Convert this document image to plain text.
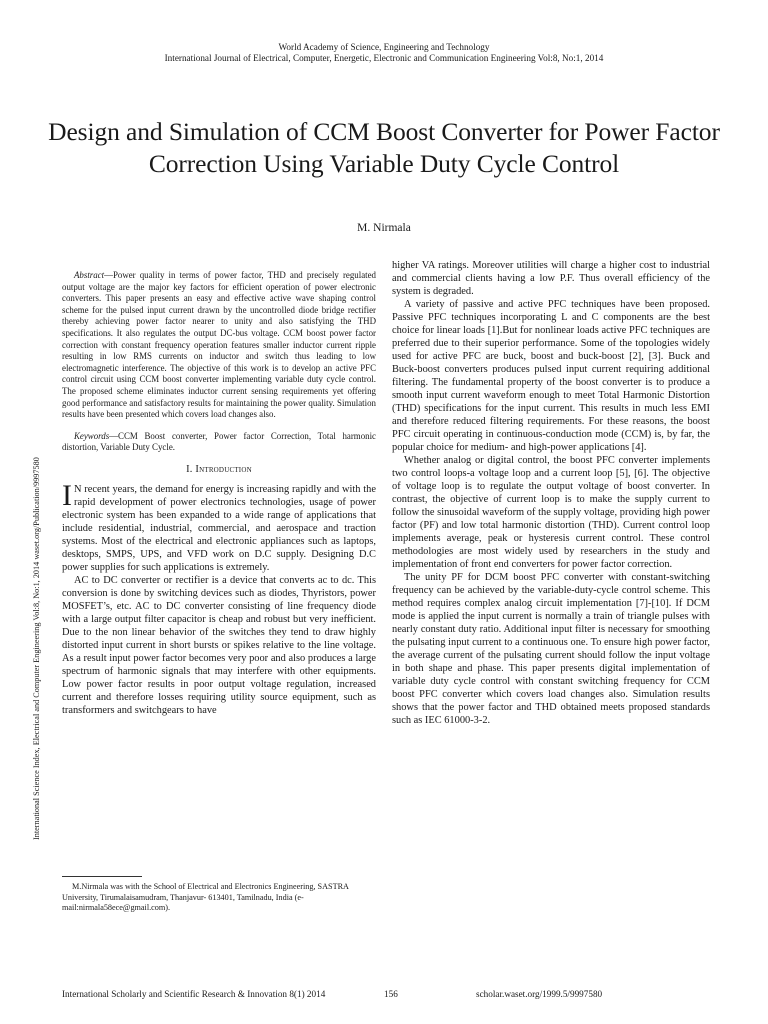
World Academy of Science, Engineering and Technology
International Journal of Electrical, Computer, Energetic, Electronic and Communication Engineering Vol:8, No:1, 2014
Design and Simulation of CCM Boost Converter for Power Factor Correction Using Variable Duty Cycle Control
M. Nirmala
International Science Index, Electrical and Computer Engineering Vol:8, No:1, 2014 waset.org/Publication/9997580

Abstract—Power quality in terms of power factor, THD and precisely regulated output voltage are the major key factors for efficient operation of power electronic converters. This paper presents an easy and effective active wave shaping control scheme for the pulsed input current drawn by the uncontrolled diode bridge rectifier thereby achieving power factor nearer to unity and also satisfying the THD specifications. It also regulates the output DC-bus voltage. CCM boost power factor correction with constant frequency operation features smaller inductor current ripple resulting in low RMS currents on inductor and switch thus leading to low electromagnetic interference. The objective of this work is to develop an active PFC control circuit using CCM boost converter implementing variable duty cycle control. The proposed scheme eliminates inductor current sensing requirements yet offering good performance and satisfactory results for maintaining the power quality. Simulation results have been presented which covers load changes also.

Keywords—CCM Boost converter, Power factor Correction, Total harmonic distortion, Variable Duty Cycle.

I. Introduction

I N recent years, the demand for energy is increasing rapidly and with the rapid development of power electronics technologies, usage of power electronic system has been expanded to a wide range of applications that include residential, industrial, commercial, and aerospace and traction systems. Most of the electrical and electronic appliances such as laptops, desktops, SMPS, UPS, and VFD work on D.C supply. Designing D.C power supplies for such applications is extremely.

AC to DC converter or rectifier is a device that converts ac to dc. This conversion is done by switching devices such as diodes, Thyristors, power MOSFET’s, etc. AC to DC converter consisting of line frequency diode with a large output filter capacitor is cheap and robust but very inefficient. Due to the non linear behavior of the switches they tend to draw highly distorted input current in short bursts or spikes relative to the line voltage. As a result input power factor becomes very poor and also produces a large spectrum of harmonic signals that may interfere with other equipments. Low power factor results in poor output voltage regulation, increased current and therefore losses requiring utility source equipment, such as transformers and switchgears to have

higher VA ratings. Moreover utilities will charge a higher cost to industrial and commercial clients having a low P.F. Thus overall efficiency of the system is degraded.

A variety of passive and active PFC techniques have been proposed. Passive PFC techniques incorporating L and C components are the best choice for linear loads [1].But for nonlinear loads active PFC techniques are preferred due to their superior performance. Some of the topologies widely used for active PFC are buck, boost and buck-boost [2], [3]. Buck and Buck-boost converters produces pulsed input current requiring additional filtering. The fundamental property of the boost converter is to produce a smooth input current waveform enough to meet Total Harmonic Distortion (THD) specifications for the input current. This results in much less EMI and therefore reduced filtering requirements. For these reasons, the boost PFC circuit operating in continuous-conduction mode (CCM) is, by far, the popular choice for medium- and high-power applications [4].

Whether analog or digital control, the boost PFC converter implements two control loops-a voltage loop and a current loop [5], [6]. The objective of voltage loop is to regulate the output voltage of boost converter. In contrast, the objective of current loop is to make the supply current to follow the sinusoidal waveform of the supply voltage, providing high power factor (PF) and low total harmonic distortion (THD). Current control loop implements average, peak or hysteresis current control. These control methodologies are most widely used by researchers in the study and implementation of front end converters for power factor correction.

The unity PF for DCM boost PFC converter with constant-switching frequency can be achieved by the variable-duty-cycle control scheme. This method requires complex analog circuit implementation [7]-[10]. If DCM mode is applied the input current is normally a train of triangle pulses with nearly constant duty ratio. Additional input filter is necessary for smoothing the pulsating input current to a continuous one. To ensure high power factor, the average current of the pulsating current should follow the input voltage in both shape and phase. This paper presents digital implementation of variable duty cycle control with constant switching frequency for CCM boost PFC converter which covers load changes also. Simulation results shows that the power factor and THD obtained meets proposed standards such as IEC 61000-3-2.

M.Nirmala was with the School of Electrical and Electronics Engineering, SASTRA University, Tirumalaisamudram, Thanjavur- 613401, Tamilnadu, India (e-mail:nirmala58ece@gmail.com).
International Scholarly and Scientific Research & Innovation 8(1) 2014	156	scholar.waset.org/1999.5/9997580
